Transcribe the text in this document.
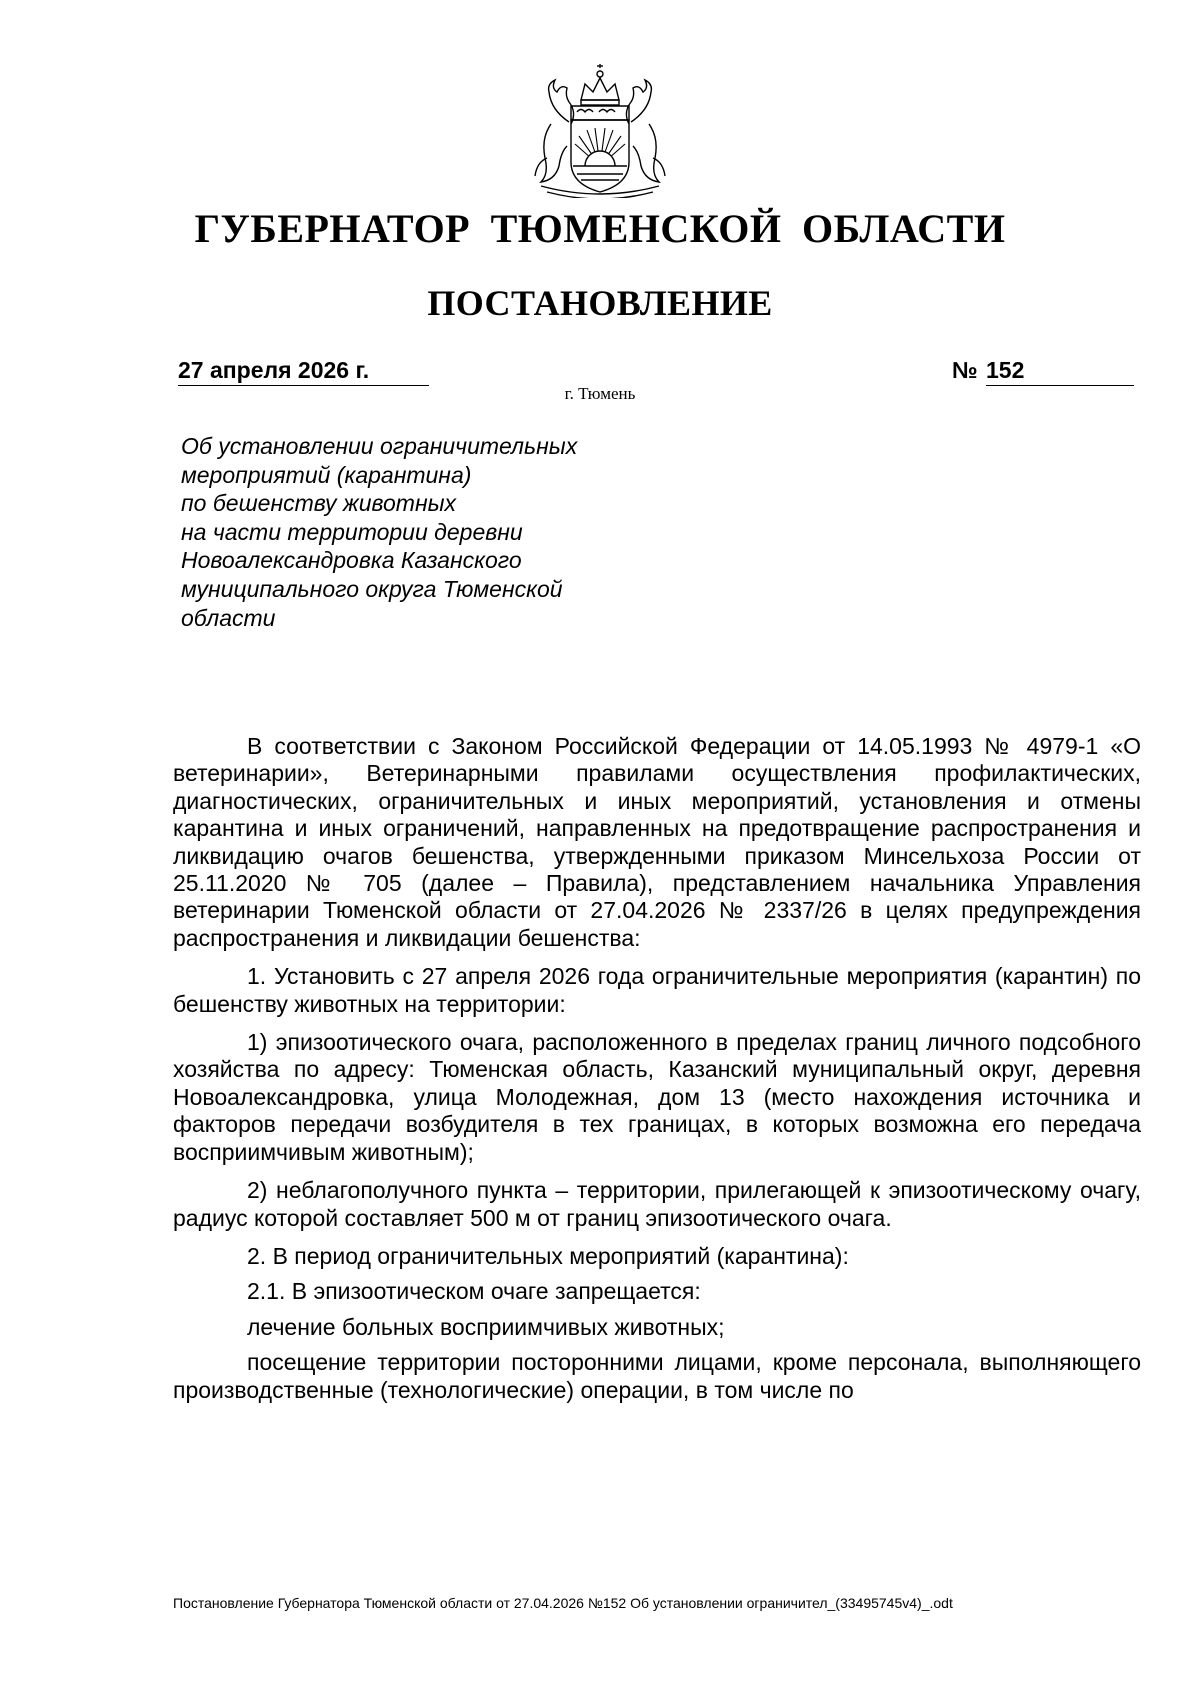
ГУБЕРНАТОР ТЮМЕНСКОЙ ОБЛАСТИ
ПОСТАНОВЛЕНИЕ
27 апреля 2026 г.	№ 152
г. Тюмень
Об установлении ограничительных
мероприятий (карантина)
по бешенству животных
на части территории деревни
Новоалександровка Казанского
муниципального округа Тюменской
области

В соответствии с Законом Российской Федерации от 14.05.1993 № 4979-1 «О ветеринарии», Ветеринарными правилами осуществления профилактических, диагностических, ограничительных и иных мероприятий, установления и отмены карантина и иных ограничений, направленных на предотвращение распространения и ликвидацию очагов бешенства, утвержденными приказом Минсельхоза России от 25.11.2020 № 705 (далее – Правила), представлением начальника Управления ветеринарии Тюменской области от 27.04.2026 № 2337/26 в целях предупреждения распространения и ликвидации бешенства:

1. Установить с 27 апреля 2026 года ограничительные мероприятия (карантин) по бешенству животных на территории:

1) эпизоотического очага, расположенного в пределах границ личного подсобного хозяйства по адресу: Тюменская область, Казанский муниципальный округ, деревня Новоалександровка, улица Молодежная, дом 13 (место нахождения источника и факторов передачи возбудителя в тех границах, в которых возможна его передача восприимчивым животным);

2) неблагополучного пункта – территории, прилегающей к эпизоотическому очагу, радиус которой составляет 500 м от границ эпизоотического очага.

2. В период ограничительных мероприятий (карантина):

2.1. В эпизоотическом очаге запрещается:

лечение больных восприимчивых животных;

посещение территории посторонними лицами, кроме персонала, выполняющего производственные (технологические) операции, в том числе по

Постановление Губернатора Тюменской области от 27.04.2026 №152 Об установлении ограничител_(33495745v4)_.odt
